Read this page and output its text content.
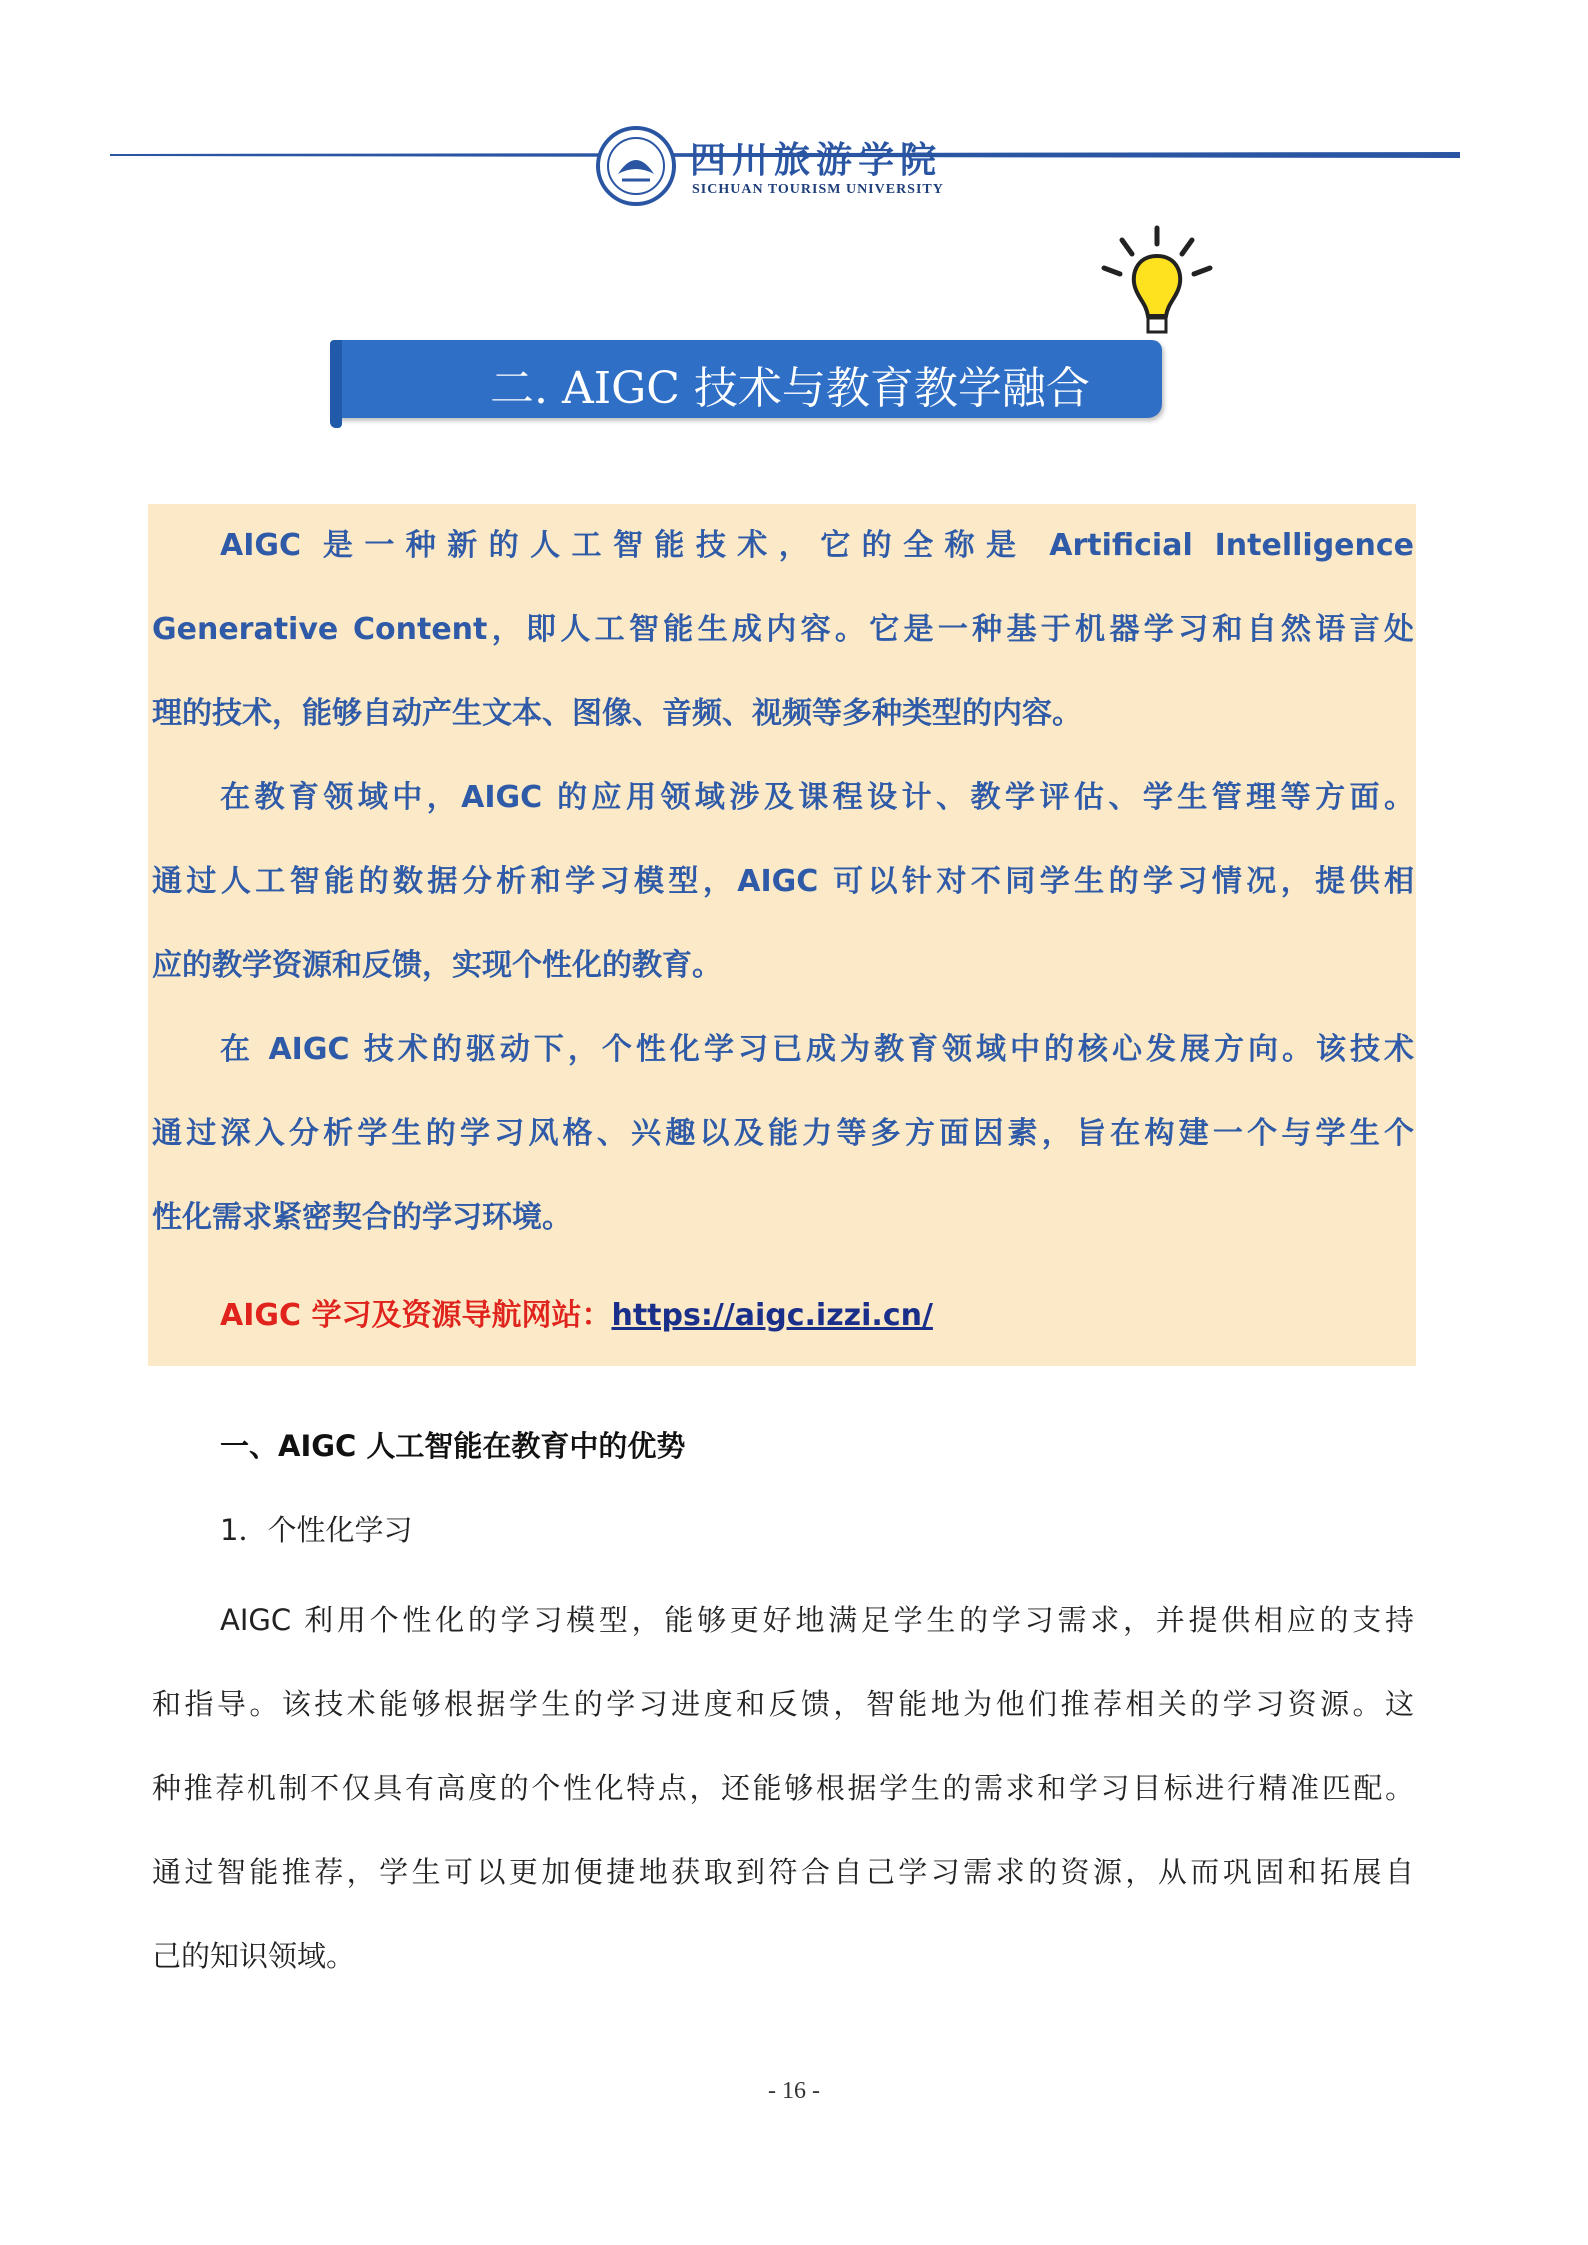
四川旅游学院
SICHUAN TOURISM UNIVERSITY
二. AIGC 技术与教育教学融合
AIGC 是一种新的人工智能技术，它的全称是 Artificial Intelligence
Generative Content，即人工智能生成内容。它是一种基于机器学习和自然语言处
理的技术，能够自动产生文本、图像、音频、视频等多种类型的内容。
在教育领域中，AIGC 的应用领域涉及课程设计、教学评估、学生管理等方面。
通过人工智能的数据分析和学习模型，AIGC 可以针对不同学生的学习情况，提供相
应的教学资源和反馈，实现个性化的教育。
在 AIGC 技术的驱动下，个性化学习已成为教育领域中的核心发展方向。该技术
通过深入分析学生的学习风格、兴趣以及能力等多方面因素，旨在构建一个与学生个
性化需求紧密契合的学习环境。
AIGC 学习及资源导航网站：https://aigc.izzi.cn/
一、AIGC 人工智能在教育中的优势
1．个性化学习
AIGC 利用个性化的学习模型，能够更好地满足学生的学习需求，并提供相应的支持
和指导。该技术能够根据学生的学习进度和反馈，智能地为他们推荐相关的学习资源。这
种推荐机制不仅具有高度的个性化特点，还能够根据学生的需求和学习目标进行精准匹配。
通过智能推荐，学生可以更加便捷地获取到符合自己学习需求的资源，从而巩固和拓展自
己的知识领域。
- 16 -
